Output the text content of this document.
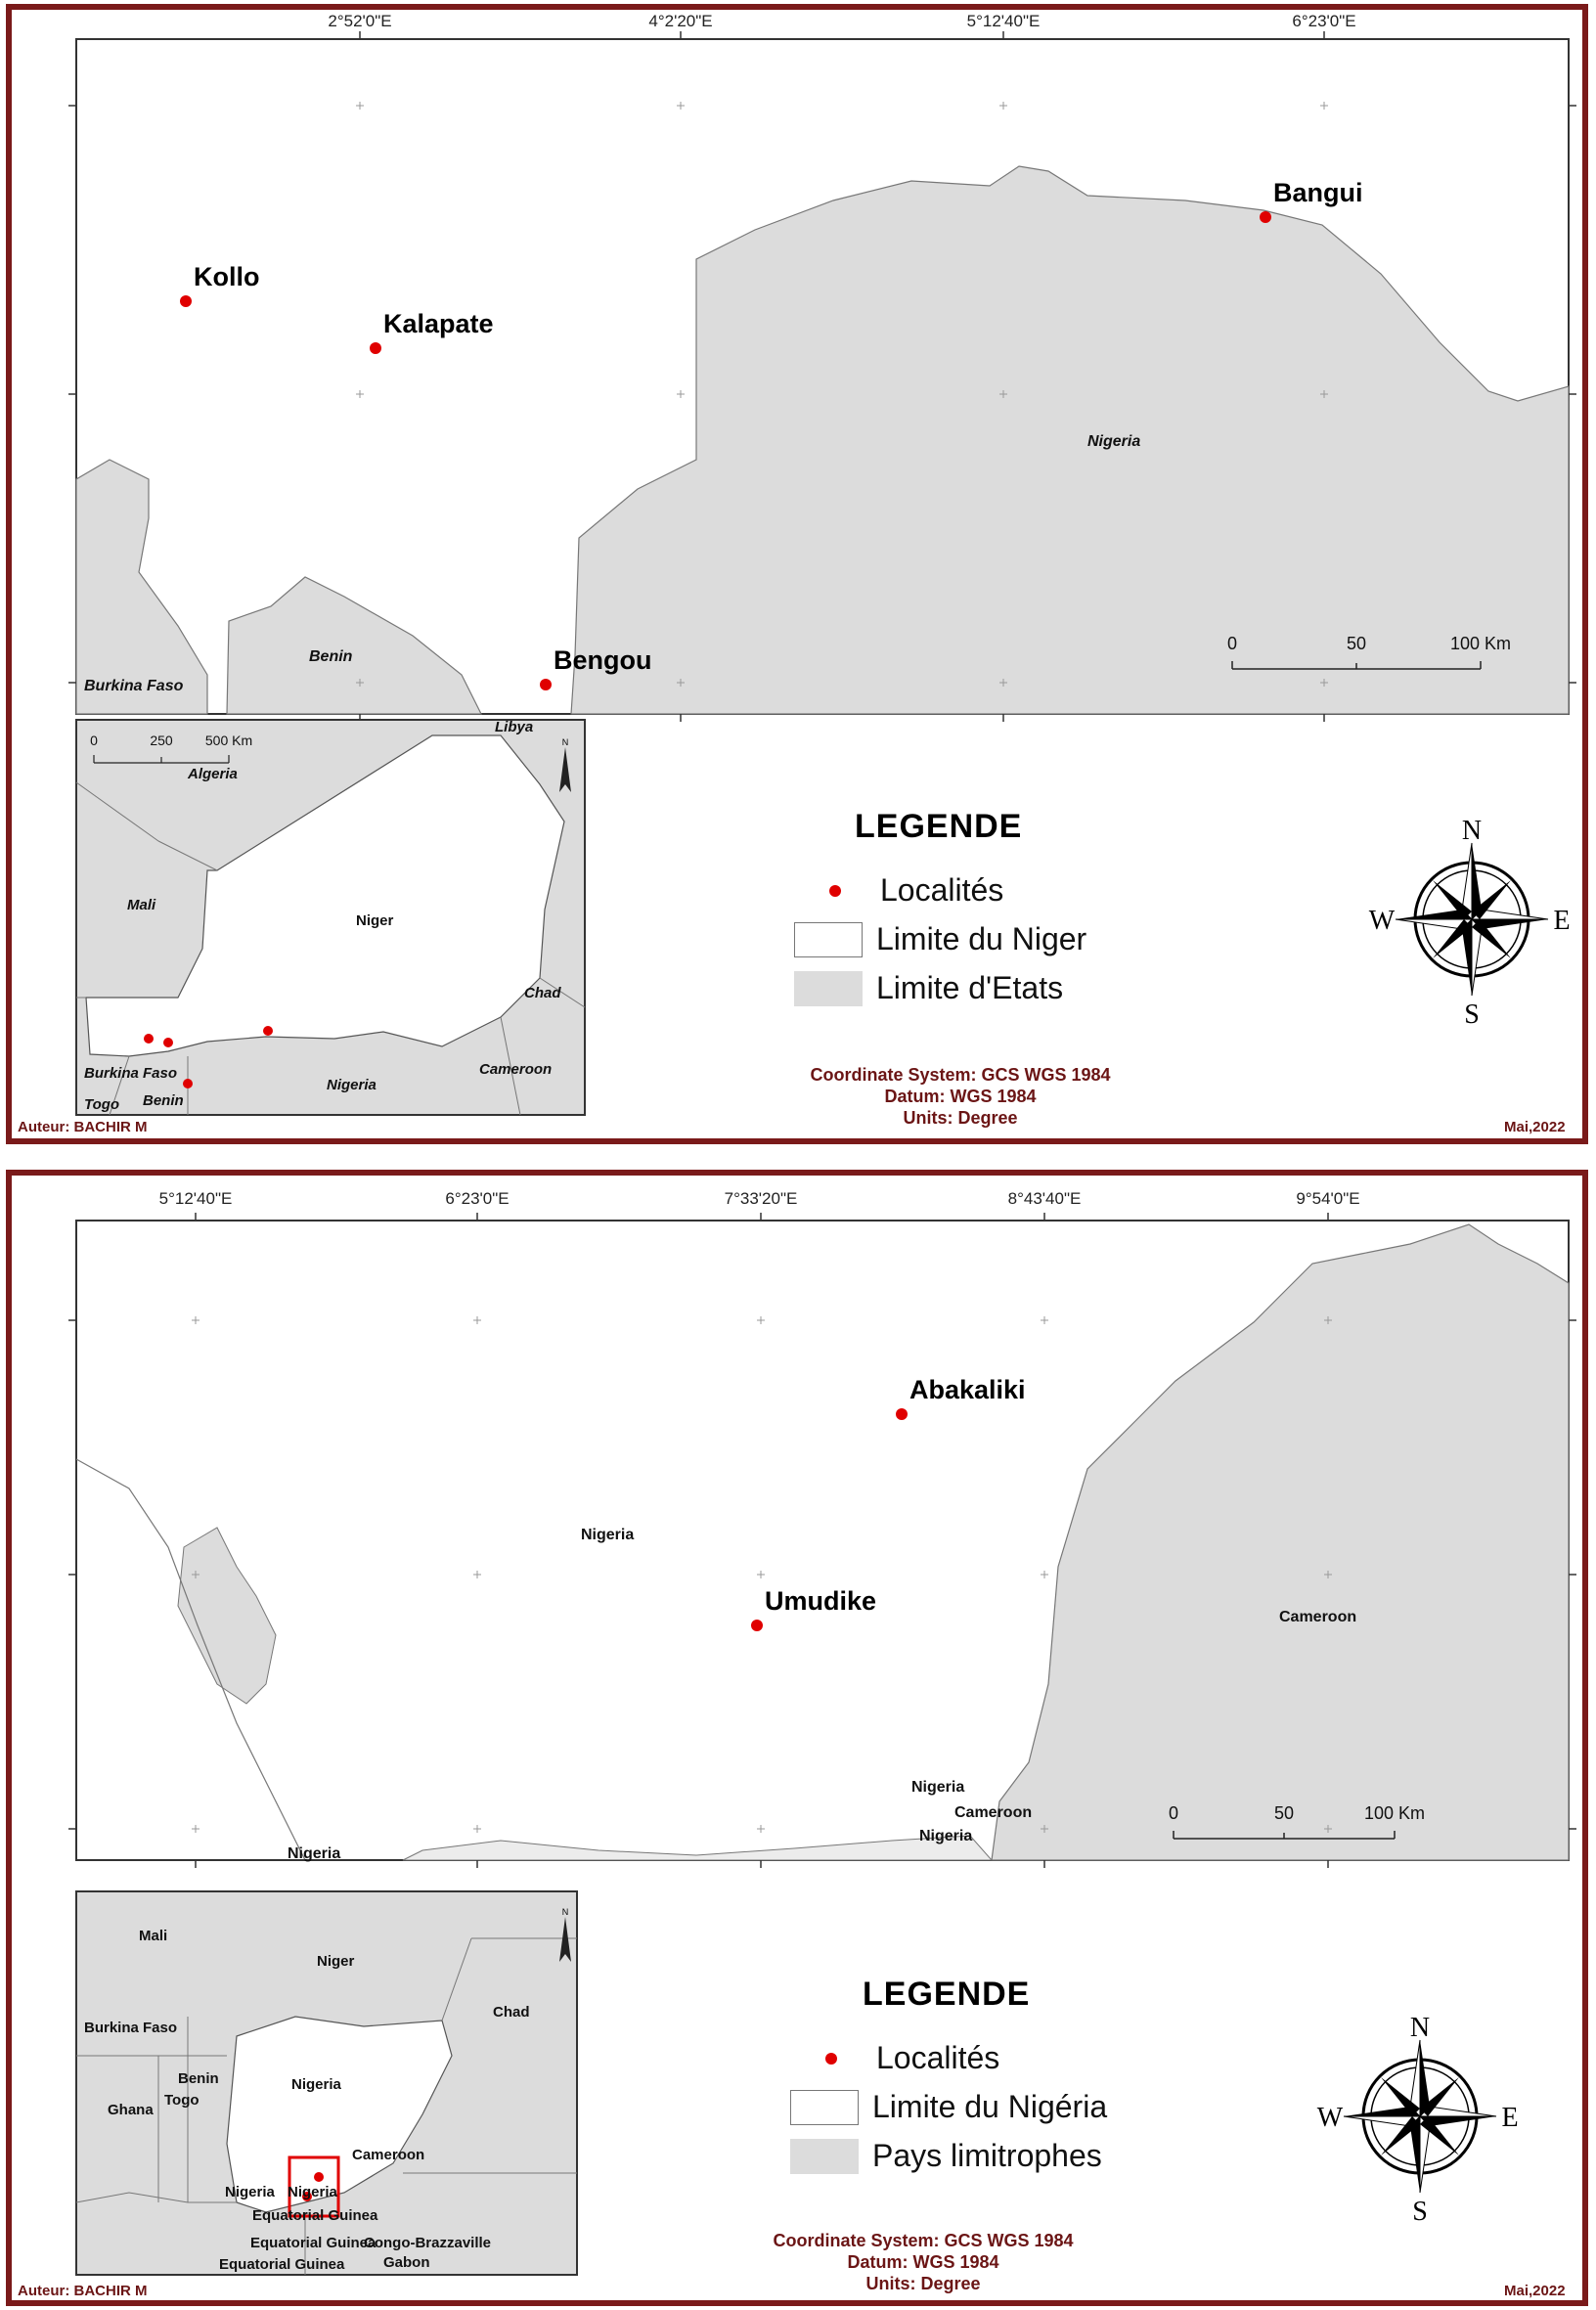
2°52'0"E	4°2'20"E	5°12'40"E	6°23'0"E
Kollo
Kalapate
Bangui
Bengou
Nigeria
Benin
Burkina Faso
0	50	100 Km
0	250 500 Km	N
Algeria
Libya
Mali
Niger
Chad
Burkina Faso
Togo Benin
Nigeria
Cameroon
N
E
S
W
LEGENDE
Localités
Limite du Niger
Limite d'Etats
Coordinate System: GCS WGS 1984
Datum: WGS 1984
Units: Degree
Auteur: BACHIR M	Mai,2022
5°12'40"E	6°23'0"E	7°33'20"E	8°43'40"E	9°54'0"E
Abakaliki
Umudike
Nigeria
Cameroon
Nigeria
Cameroon
Nigeria
Nigeria
0	50	100 Km
N
Mali
Niger
Chad
Burkina Faso
Benin
Togo
Ghana
Nigeria
Cameroon
Nigeria Nigeria
Equatorial Guinea
Equatorial Guinea
Congo-Brazzaville
Equatorial Guinea	Gabon
N
E
S
W
LEGENDE
Localités
Limite du Nigéria
Pays limitrophes
Coordinate System: GCS WGS 1984
Datum: WGS 1984
Units: Degree
Auteur: BACHIR M	Mai,2022
